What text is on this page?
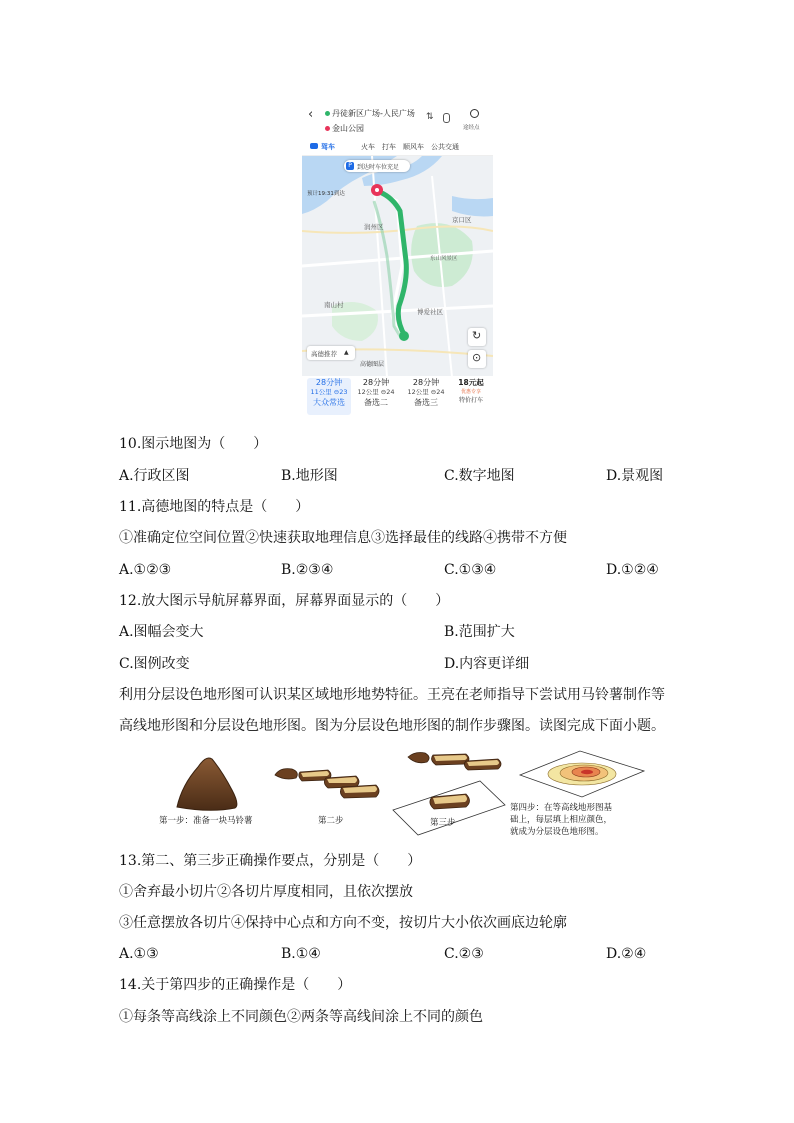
‹ 丹徒新区广场-人民广场
金山公园
⇅
途经点
驾车	火车 打车 顺风车 公共交通
P 到达时车位充足
预计19:31到达
京口区
润州区
南山村
博爱社区
东山风景区
↻
⊙
高德推荐 ▲
高德图层
28分钟
11公里 ⊖23
大众常选
28分钟
12公里 ⊖24
备选二
28分钟
12公里 ⊖24
备选三
18元起
优惠专享
特价打车
10.图示地图为（　　）
A.行政区图	B.地形图	C.数字地图	D.景观图
11.高德地图的特点是（　　）
①准确定位空间位置②快速获取地理信息③选择最佳的线路④携带不方便
A.①②③	B.②③④	C.①③④	D.①②④
12.放大图示导航屏幕界面，屏幕界面显示的（　　）
A.图幅会变大	B.范围扩大
C.图例改变	D.内容更详细
利用分层设色地形图可认识某区域地形地势特征。王亮在老师指导下尝试用马铃薯制作等
高线地形图和分层设色地形图。图为分层设色地形图的制作步骤图。读图完成下面小题。
第一步：准备一块马铃薯	第二步	第三步
第四步：在等高线地形图基
础上，每层填上相应颜色，
就成为分层设色地形图。
13.第二、第三步正确操作要点，分别是（　　）
①舍弃最小切片②各切片厚度相同，且依次摆放
③任意摆放各切片④保持中心点和方向不变，按切片大小依次画底边轮廓
A.①③	B.①④	C.②③	D.②④
14.关于第四步的正确操作是（　　）
①每条等高线涂上不同颜色②两条等高线间涂上不同的颜色
